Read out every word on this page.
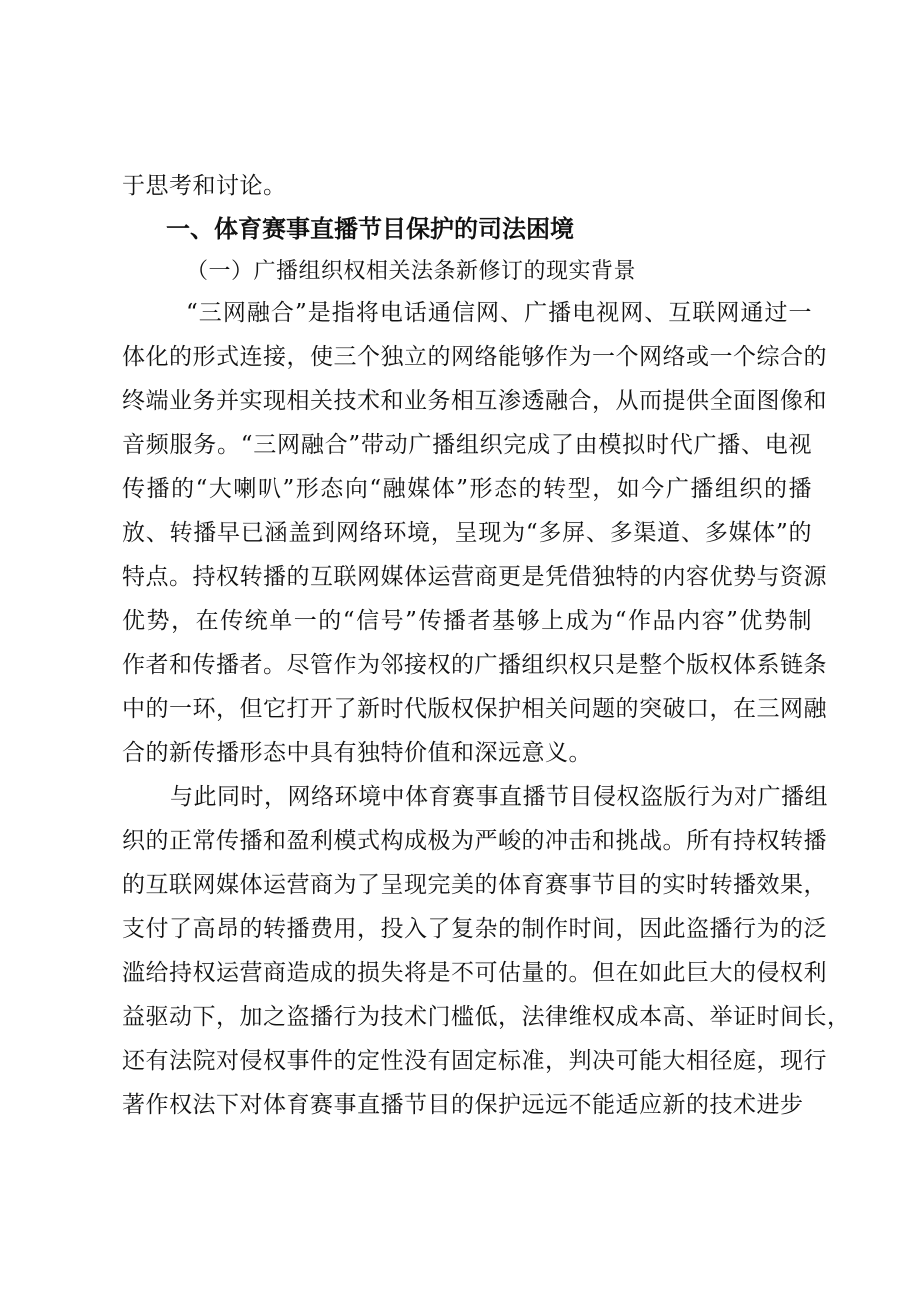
于思考和讨论。
一、体育赛事直播节目保护的司法困境
（一）广播组织权相关法条新修订的现实背景
“三网融合”是指将电话通信网、广播电视网、互联网通过一
体化的形式连接，使三个独立的网络能够作为一个网络或一个综合的
终端业务并实现相关技术和业务相互渗透融合，从而提供全面图像和
音频服务。“三网融合”带动广播组织完成了由模拟时代广播、电视
传播的“大喇叭”形态向“融媒体”形态的转型，如今广播组织的播
放、转播早已涵盖到网络环境，呈现为“多屏、多渠道、多媒体”的
特点。持权转播的互联网媒体运营商更是凭借独特的内容优势与资源
优势，在传统单一的“信号”传播者基够上成为“作品内容”优势制
作者和传播者。尽管作为邻接权的广播组织权只是整个版权体系链条
中的一环，但它打开了新时代版权保护相关问题的突破口，在三网融
合的新传播形态中具有独特价值和深远意义。
与此同时，网络环境中体育赛事直播节目侵权盗版行为对广播组
织的正常传播和盈利模式构成极为严峻的冲击和挑战。所有持权转播
的互联网媒体运营商为了呈现完美的体育赛事节目的实时转播效果，
支付了高昂的转播费用，投入了复杂的制作时间，因此盗播行为的泛
滥给持权运营商造成的损失将是不可估量的。但在如此巨大的侵权利
益驱动下，加之盗播行为技术门槛低，法律维权成本高、举证时间长，
还有法院对侵权事件的定性没有固定标准，判决可能大相径庭，现行
著作权法下对体育赛事直播节目的保护远远不能适应新的技术进步
